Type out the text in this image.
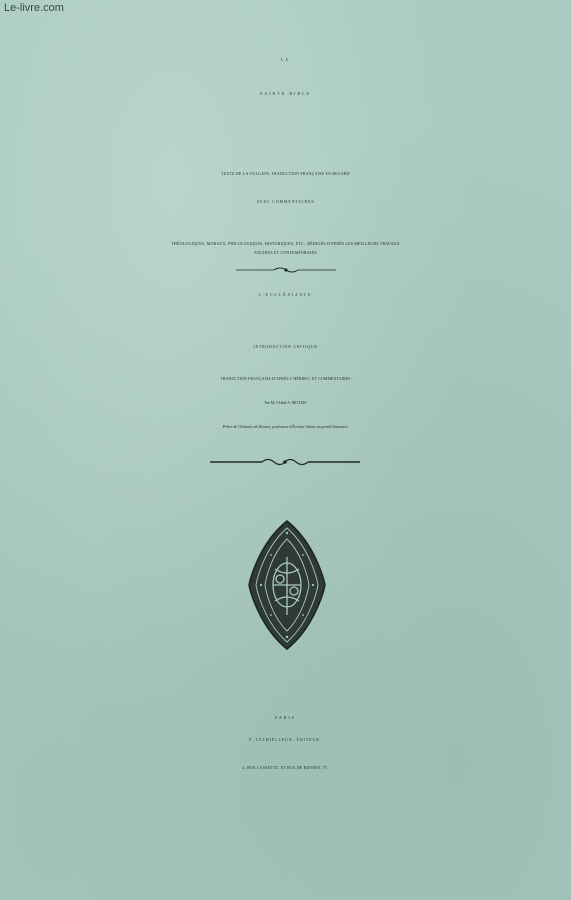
Le-livre.com
LA
SAINTE BIBLE
TEXTE DE LA VULGATE, TRADUCTION FRANÇAISE EN REGARD
AVEC COMMENTAIRES
THÉOLOGIQUES, MORAUX, PHILOLOGIQUES, HISTORIQUES, ETC., RÉDIGÉS D'APRÈS LES MEILLEURS TRAVAUX
ANCIENS ET CONTEMPORAINS
L'ECCLÉSIASTE
INTRODUCTION CRITIQUE
TRADUCTION FRANÇAISE D'APRÈS L'HÉBREU, ET COMMENTAIRES
Par M. l'Abbé A. MOTAIS
Prêtre de l'Oratoire de Rennes, professeur d'Écriture Sainte au grand Séminaire.
PARIS
P. LETHIELLEUX, ÉDITEUR,
4, RUE CASSETTE, ET RUE DE RENNES, 75.
